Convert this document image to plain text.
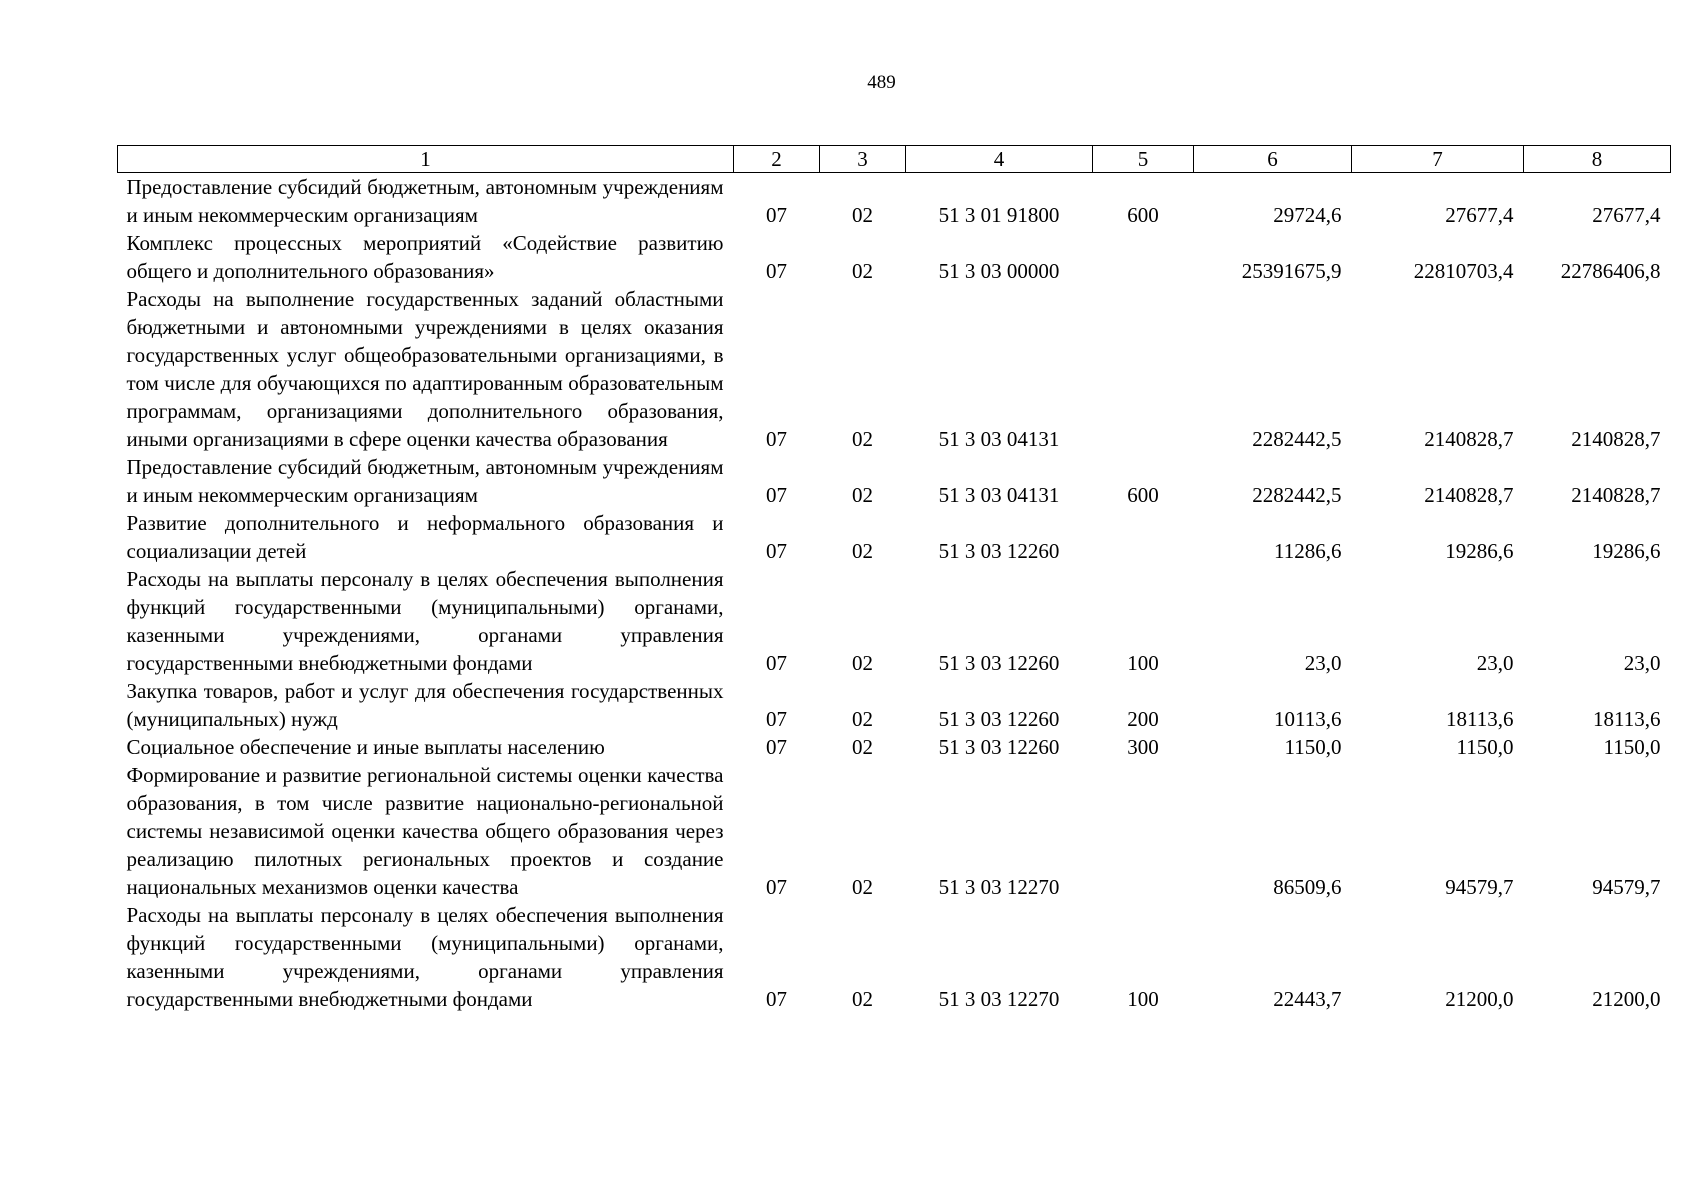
489
1	2	3	4	5	6	7	8
Предоставление субсидий бюджетным, автономным учреждениям и иным некоммерческим организациям	07	02	51 3 01 91800	600	29724,6	27677,4	27677,4
Комплекс процессных мероприятий «Содействие развитию общего и дополнительного образования»	07	02	51 3 03 00000		25391675,9	22810703,4	22786406,8
Расходы на выполнение государственных заданий областными бюджетными и автономными учреждениями в целях оказания государственных услуг общеобразовательными организациями, в том числе для обучающихся по адаптированным образовательным программам, организациями дополнительного образования, иными организациями в сфере оценки качества образования	07	02	51 3 03 04131		2282442,5	2140828,7	2140828,7
Предоставление субсидий бюджетным, автономным учреждениям и иным некоммерческим организациям	07	02	51 3 03 04131	600	2282442,5	2140828,7	2140828,7
Развитие дополнительного и неформального образования и социализации детей	07	02	51 3 03 12260		11286,6	19286,6	19286,6
Расходы на выплаты персоналу в целях обеспечения выполнения функций государственными (муниципальными) органами, казенными учреждениями, органами управления государственными внебюджетными фондами	07	02	51 3 03 12260	100	23,0	23,0	23,0
Закупка товаров, работ и услуг для обеспечения государственных (муниципальных) нужд	07	02	51 3 03 12260	200	10113,6	18113,6	18113,6
Социальное обеспечение и иные выплаты населению	07	02	51 3 03 12260	300	1150,0	1150,0	1150,0
Формирование и развитие региональной системы оценки качества образования, в том числе развитие национально-региональной системы независимой оценки качества общего образования через реализацию пилотных региональных проектов и создание национальных механизмов оценки качества	07	02	51 3 03 12270		86509,6	94579,7	94579,7
Расходы на выплаты персоналу в целях обеспечения выполнения функций государственными (муниципальными) органами, казенными учреждениями, органами управления государственными внебюджетными фондами	07	02	51 3 03 12270	100	22443,7	21200,0	21200,0
